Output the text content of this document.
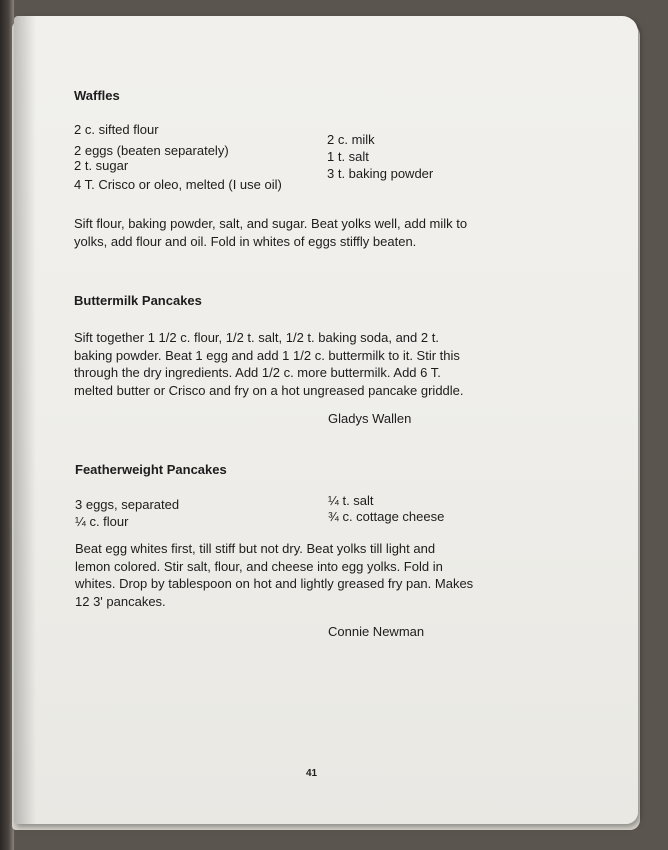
Waffles
2 c. sifted flour
2 eggs (beaten separately)
2 t. sugar
4 T. Crisco or oleo, melted (I use oil)
2 c. milk
1 t. salt
3 t. baking powder
Sift flour, baking powder, salt, and sugar. Beat yolks well, add milk to
yolks, add flour and oil. Fold in whites of eggs stiffly beaten.
Buttermilk Pancakes
Sift together 1 1/2 c. flour, 1/2 t. salt, 1/2 t. baking soda, and 2 t.
baking powder. Beat 1 egg and add 1 1/2 c. buttermilk to it. Stir this
through the dry ingredients. Add 1/2 c. more buttermilk. Add 6 T.
melted butter or Crisco and fry on a hot ungreased pancake griddle.
Gladys Wallen
Featherweight Pancakes
3 eggs, separated
¼ c. flour
¼ t. salt
¾ c. cottage cheese
Beat egg whites first, till stiff but not dry. Beat yolks till light and
lemon colored. Stir salt, flour, and cheese into egg yolks. Fold in
whites. Drop by tablespoon on hot and lightly greased fry pan. Makes
12 3' pancakes.
Connie Newman
41
